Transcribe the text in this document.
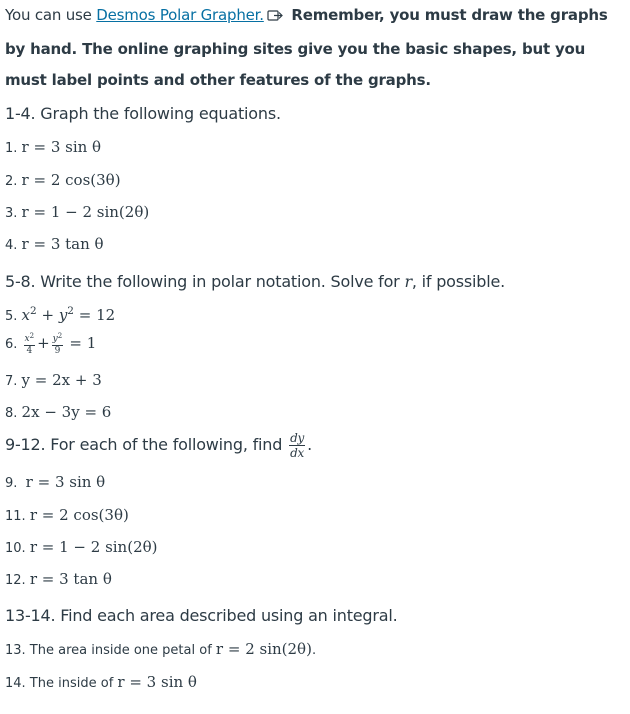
You can use Desmos Polar Grapher. Remember, you must draw the graphs by hand. The online graphing sites give you the basic shapes, but you must label points and other features of the graphs.
1-4. Graph the following equations.
1. r = 3 sin θ
2. r = 2 cos(3θ)
3. r = 1 − 2 sin(2θ)
4. r = 3 tan θ
5-8. Write the following in polar notation. Solve for r, if possible.
5. $x^2 + y^2 = 12$
6. $\frac{x^2}{4} + \frac{y^2}{9} = 1$
7. y = 2x + 3
8. 2x − 3y = 6
9-12. For each of the following, find $\frac{dy}{dx}$ .
9. r = 3 sin θ
11. r = 2 cos(3θ)
10. r = 1 − 2 sin(2θ)
12. r = 3 tan θ
13-14. Find each area described using an integral.
13. The area inside one petal of r = 2 sin(2θ).
14. The inside of r = 3 sin θ
